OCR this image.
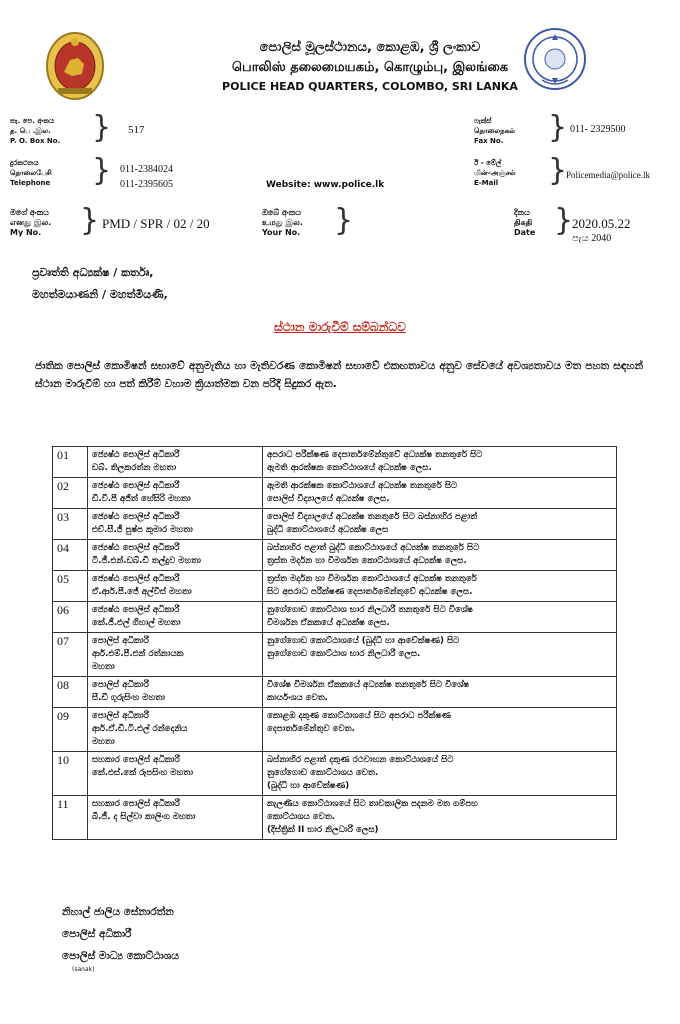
පොලිස් මූලස්ථානය, කොළඹ, ශ්‍රී ලංකාව
பொலிஸ் தலைமையகம், கொழும்பு, இலங்கை
POLICE HEAD QUARTERS, COLOMBO, SRI LANKA
තැ. පෙ. අංකය
த. பெ .இல.
P. O. Box No. } 517
ෆැක්ස්
தொலைநகல்
Fax No.	} 011- 2329500
දුරකථනය
தொலைபேசி
Telephone } 011-2384024
011-2395605	Website: www.police.lk
ඊ - මේල්
மின்-அஞ்சல்
E-Mail	}
Policemedia@police.lk
මගේ අංකය
எனது இல.
My No.	} PMD / SPR / 02 / 20
ඔබේ අංකය
உமது இல.
Your No. }	දිනය
திகதி
Date }
2020.05.22
පැය 2040
ප්‍රවෘත්ති අධ්‍යක්ෂ / කර්තෘ,
මහත්මයාණනි / මහත්මියණි,
ස්ථාන මාරුවීම් සම්බන්ධව
ජාතික පොලිස් කොමිෂන් සභාවේ අනුමැතිය හා මැතිවරණ කොමිෂන් සභාවේ එකඟතාවය අනුව සේවයේ අවශ්‍යතාවය මත පහත සඳහන් ස්ථාන මාරුවීම් හා පත් කිරීම් වහාම ක්‍රියාත්මක වන පරිදි සිදුකර ඇත.
01	ජ්‍යෙෂ්ඨ පොලිස් අධිකාරී
ඩබ්. තිලකරත්න මහතා	අපරාධ පරීක්ෂණ දෙපාර්තමේන්තුවේ අධ්‍යක්ෂ තනතුරේ සිට
ඇමති ආරක්ෂක කොට්ඨාශයේ අධ්‍යක්ෂ ලෙස.

02	ජ්‍යෙෂ්ඨ පොලිස් අධිකාරී
ඩී.වී.පී අජිත් හේසිරි මහතා	ඇමති ආරක්ෂක කොට්ඨාශයේ අධ්‍යක්ෂ තනතුරේ සිට
පොලිස් විද්‍යාලයේ අධ්‍යක්ෂ ලෙස.

03	ජ්‍යෙෂ්ඨ පොලිස් අධිකාරී
එච්.සී.ජී පුෂ්ප කුමාර මහතා	පොලිස් විද්‍යාලයේ අධ්‍යක්ෂ තනතුරේ සිට බස්නාහිර පළාත්
බුද්ධි කොට්ඨාශයේ අධ්‍යක්ෂ ලෙස

04	ජ්‍යෙෂ්ඨ පොලිස් අධිකාරී
ටී.ජී.එන්.ඩබ්.ඩී තල්දුව මහතා	බස්නාහිර පළාත් බුද්ධි කොට්ඨාශයේ අධ්‍යක්ෂ තනතුරේ සිට
ත්‍රස්ත මර්දන හා විමර්ශන කොට්ඨාශයේ අධ්‍යක්ෂ ලෙස.

05	ජ්‍යෙෂ්ඨ පොලිස් අධිකාරී
ඒ.ආර්.පී.ජේ අල්විස් මහතා	ත්‍රස්ත මර්දන හා විමර්ශන කොට්ඨාශයේ අධ්‍යක්ෂ තනතුරේ
සිට අපරාධ පරීක්ෂණ දෙපාර්තමේන්තුවේ අධ්‍යක්ෂ ලෙස.

06	ජ්‍යෙෂ්ඨ පොලිස් අධිකාරී
කේ.ජී.එල් ගිහාල් මහතා	නුගේගොඩ කොට්ඨාශ භාර නිලධාරී තනතුරේ සිට විශේෂ
විමර්ශන ඒකකයේ අධ්‍යක්ෂ ලෙස.

07	පොලිස් අධිකාරී
ආර්.එම්.පී.එන් රත්නායක
මහතා	නුගේගොඩ කොට්ඨාශයේ (බුද්ධි හා ආවේක්ෂණ) සිට
නුගේගොඩ කොට්ඨාශ භාර නිලධාරී ලෙස.

08	පොලිස් අධිකාරී
සී.ඩී ගුරුසිංහ මහතා	විශේෂ විමර්ශන ඒකකයේ අධ්‍යක්ෂ තනතුරේ සිට විශේෂ
කාර්යංශය වෙත.

09	පොලිස් අධිකාරී
ආර්.ඒ.ඩී.ටී.එල් රන්දෙනිය
මහතා	කොළඹ දකුණ කොට්ඨාශයේ සිට අපරාධ පරීක්ෂණ
දෙපාර්තමේන්තුව වෙත.

10	සහකාර පොලිස් අධිකාරී
කේ.එස්.කේ රූපසිංහ මහතා	බස්නාහිර පළාත් දකුණ රථවාහන කොට්ඨාශයේ සිට
නුගේගොඩ කොට්ඨාශය වෙත.
(බුද්ධි හා ආවේක්ෂණ)

11	සහකාර පොලිස් අධිකාරී
බී.ජී. ද සිල්වා කාලිංග මහතා	කැලණිය කොට්ඨාශයේ සිට තාවකාලික පදනම මත ගම්පහ
කොට්ඨාශය වෙත.
(දිස්ත්‍රික් II භාර නිලධාරී ලෙස)
නිහාල් ජාලිය සේනාරත්න
පොලිස් අධිකාරී
පොලිස් මාධ්‍ය කොට්ඨාශය
(sanak)
